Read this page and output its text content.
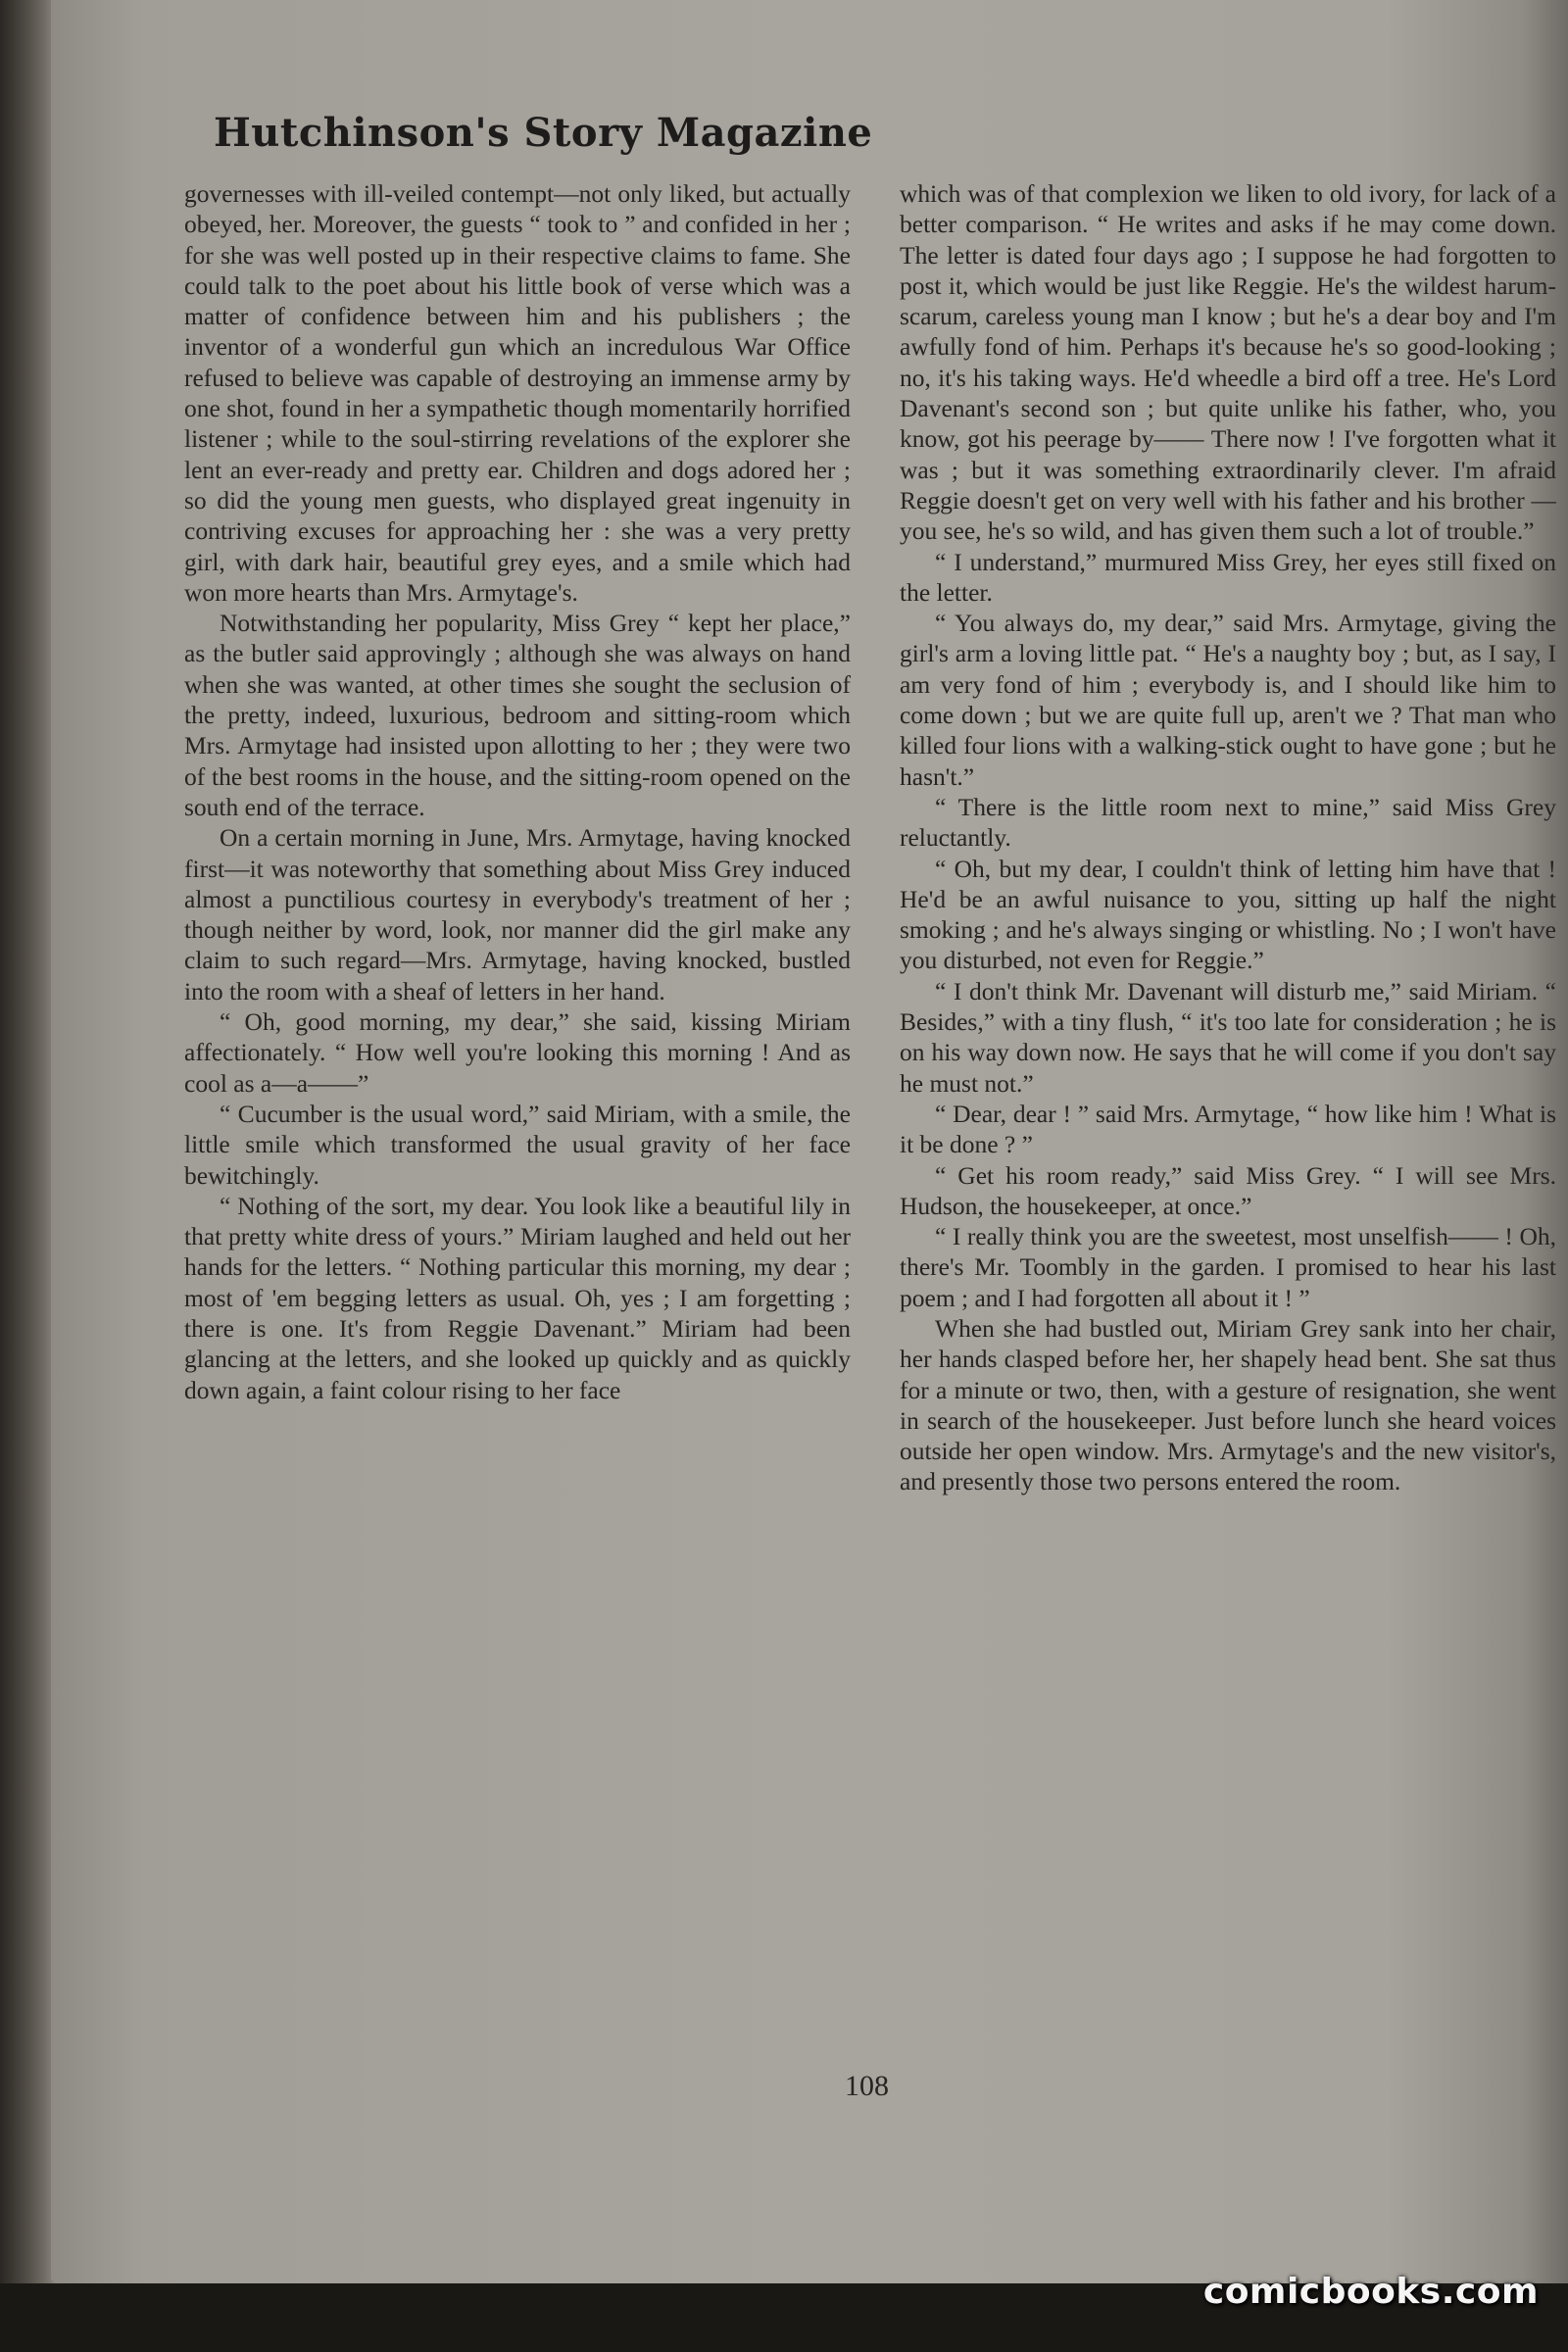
Hutchinson's Story Magazine

governesses with ill-veiled contempt—not only liked, but actually obeyed, her. Moreover, the guests “ took to ” and confided in her ; for she was well posted up in their respective claims to fame. She could talk to the poet about his little book of verse which was a matter of confidence between him and his publishers ; the inventor of a wonderful gun which an incredulous War Office refused to believe was capable of destroying an immense army by one shot, found in her a sympathetic though momentarily horrified listener ; while to the soul-stirring revelations of the explorer she lent an ever-ready and pretty ear. Children and dogs adored her ; so did the young men guests, who displayed great ingenuity in contriving excuses for approaching her : she was a very pretty girl, with dark hair, beautiful grey eyes, and a smile which had won more hearts than Mrs. Armytage's.

Notwithstanding her popularity, Miss Grey “ kept her place,” as the butler said approvingly ; although she was always on hand when she was wanted, at other times she sought the seclusion of the pretty, indeed, luxurious, bedroom and sitting-room which Mrs. Armytage had insisted upon allotting to her ; they were two of the best rooms in the house, and the sitting-room opened on the south end of the terrace.

On a certain morning in June, Mrs. Armytage, having knocked first—it was noteworthy that something about Miss Grey induced almost a punctilious courtesy in everybody's treatment of her ; though neither by word, look, nor manner did the girl make any claim to such regard—Mrs. Armytage, having knocked, bustled into the room with a sheaf of letters in her hand.

“ Oh, good morning, my dear,” she said, kissing Miriam affectionately. “ How well you're looking this morning ! And as cool as a—a——”

“ Cucumber is the usual word,” said Miriam, with a smile, the little smile which transformed the usual gravity of her face bewitchingly.

“ Nothing of the sort, my dear. You look like a beautiful lily in that pretty white dress of yours.” Miriam laughed and held out her hands for the letters. “ Nothing particular this morning, my dear ; most of 'em begging letters as usual. Oh, yes ; I am forgetting ; there is one. It's from Reggie Davenant.” Miriam had been glancing at the letters, and she looked up quickly and as quickly down again, a faint colour rising to her face

which was of that complexion we liken to old ivory, for lack of a better comparison. “ He writes and asks if he may come down. The letter is dated four days ago ; I suppose he had forgotten to post it, which would be just like Reggie. He's the wildest harum-scarum, careless young man I know ; but he's a dear boy and I'm awfully fond of him. Perhaps it's because he's so good-looking ; no, it's his taking ways. He'd wheedle a bird off a tree. He's Lord Davenant's second son ; but quite unlike his father, who, you know, got his peerage by—— There now ! I've forgotten what it was ; but it was something extraordinarily clever. I'm afraid Reggie doesn't get on very well with his father and his brother —you see, he's so wild, and has given them such a lot of trouble.”

“ I understand,” murmured Miss Grey, her eyes still fixed on the letter.

“ You always do, my dear,” said Mrs. Armytage, giving the girl's arm a loving little pat. “ He's a naughty boy ; but, as I say, I am very fond of him ; everybody is, and I should like him to come down ; but we are quite full up, aren't we ? That man who killed four lions with a walking-stick ought to have gone ; but he hasn't.”

“ There is the little room next to mine,” said Miss Grey reluctantly.

“ Oh, but my dear, I couldn't think of letting him have that ! He'd be an awful nuisance to you, sitting up half the night smoking ; and he's always singing or whistling. No ; I won't have you disturbed, not even for Reggie.”

“ I don't think Mr. Davenant will disturb me,” said Miriam. “ Besides,” with a tiny flush, “ it's too late for consideration ; he is on his way down now. He says that he will come if you don't say he must not.”

“ Dear, dear ! ” said Mrs. Armytage, “ how like him ! What is it be done ? ”

“ Get his room ready,” said Miss Grey. “ I will see Mrs. Hudson, the housekeeper, at once.”

“ I really think you are the sweetest, most unselfish—— ! Oh, there's Mr. Toombly in the garden. I promised to hear his last poem ; and I had forgotten all about it ! ”

When she had bustled out, Miriam Grey sank into her chair, her hands clasped before her, her shapely head bent. She sat thus for a minute or two, then, with a gesture of resignation, she went in search of the housekeeper. Just before lunch she heard voices outside her open window. Mrs. Armytage's and the new visitor's, and presently those two persons entered the room.

108
comicbooks.com
